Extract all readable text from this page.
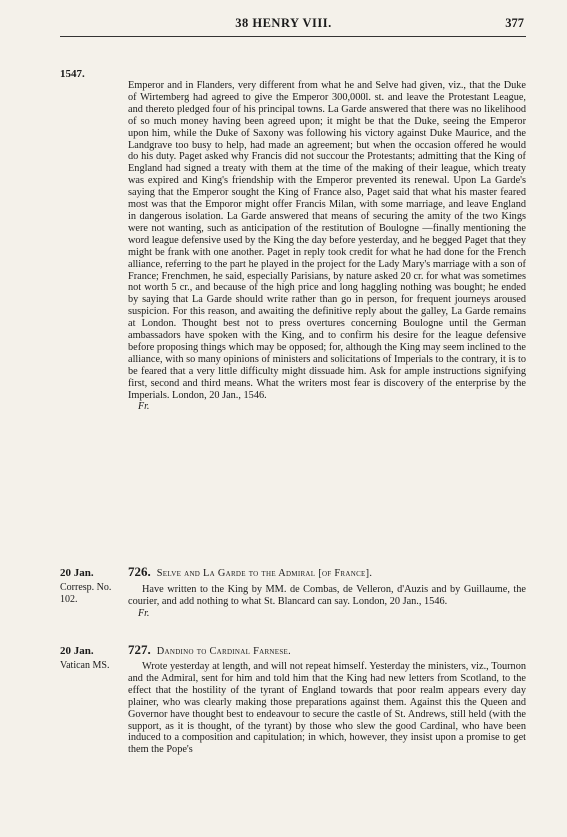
38 HENRY VIII.	377
1547.

Emperor and in Flanders, very different from what he and Selve had given, viz., that the Duke of Wirtemberg had agreed to give the Emperor 300,000l. st. and leave the Protestant League, and thereto pledged four of his principal towns. La Garde answered that there was no likelihood of so much money having been agreed upon; it might be that the Duke, seeing the Emperor upon him, while the Duke of Saxony was following his victory against Duke Maurice, and the Landgrave too busy to help, had made an agreement; but when the occasion offered he would do his duty. Paget asked why Francis did not succour the Protestants; admitting that the King of England had signed a treaty with them at the time of the making of their league, which treaty was expired and King's friendship with the Emperor prevented its renewal. Upon La Garde's saying that the Emperor sought the King of France also, Paget said that what his master feared most was that the Emporor might offer Francis Milan, with some marriage, and leave England in dangerous isolation. La Garde answered that means of securing the amity of the two Kings were not wanting, such as anticipation of the restitution of Boulogne —finally mentioning the word league defensive used by the King the day before yesterday, and he begged Paget that they might be frank with one another. Paget in reply took credit for what he had done for the French alliance, referring to the part he played in the project for the Lady Mary's marriage with a son of France; Frenchmen, he said, especially Parisians, by nature asked 20 cr. for what was sometimes not worth 5 cr., and because of the high price and long haggling nothing was bought; he ended by saying that La Garde should write rather than go in person, for frequent journeys aroused suspicion. For this reason, and awaiting the definitive reply about the galley, La Garde remains at London. Thought best not to press overtures concerning Boulogne until the German ambassadors have spoken with the King, and to confirm his desire for the league defensive before proposing things which may be opposed; for, although the King may seem inclined to the alliance, with so many opinions of ministers and solicitations of Imperials to the contrary, it is to be feared that a very little difficulty might dissuade him. Ask for ample instructions signifying first, second and third means. What the writers most fear is discovery of the enterprise by the Imperials. London, 20 Jan., 1546.

Fr.
20 Jan.
Corresp. No. 102.
726. Selve and La Garde to the Admiral [of France].

Have written to the King by MM. de Combas, de Velleron, d'Auzis and by Guillaume, the courier, and add nothing to what St. Blancard can say. London, 20 Jan., 1546.

Fr.
20 Jan.
Vatican MS.
727. Dandino to Cardinal Farnese.

Wrote yesterday at length, and will not repeat himself. Yesterday the ministers, viz., Tournon and the Admiral, sent for him and told him that the King had new letters from Scotland, to the effect that the hostility of the tyrant of England towards that poor realm appears every day plainer, who was clearly making those preparations against them. Against this the Queen and Governor have thought best to endeavour to secure the castle of St. Andrews, still held (with the support, as it is thought, of the tyrant) by those who slew the good Cardinal, who have been induced to a composition and capitulation; in which, however, they insist upon a promise to get them the Pope's
